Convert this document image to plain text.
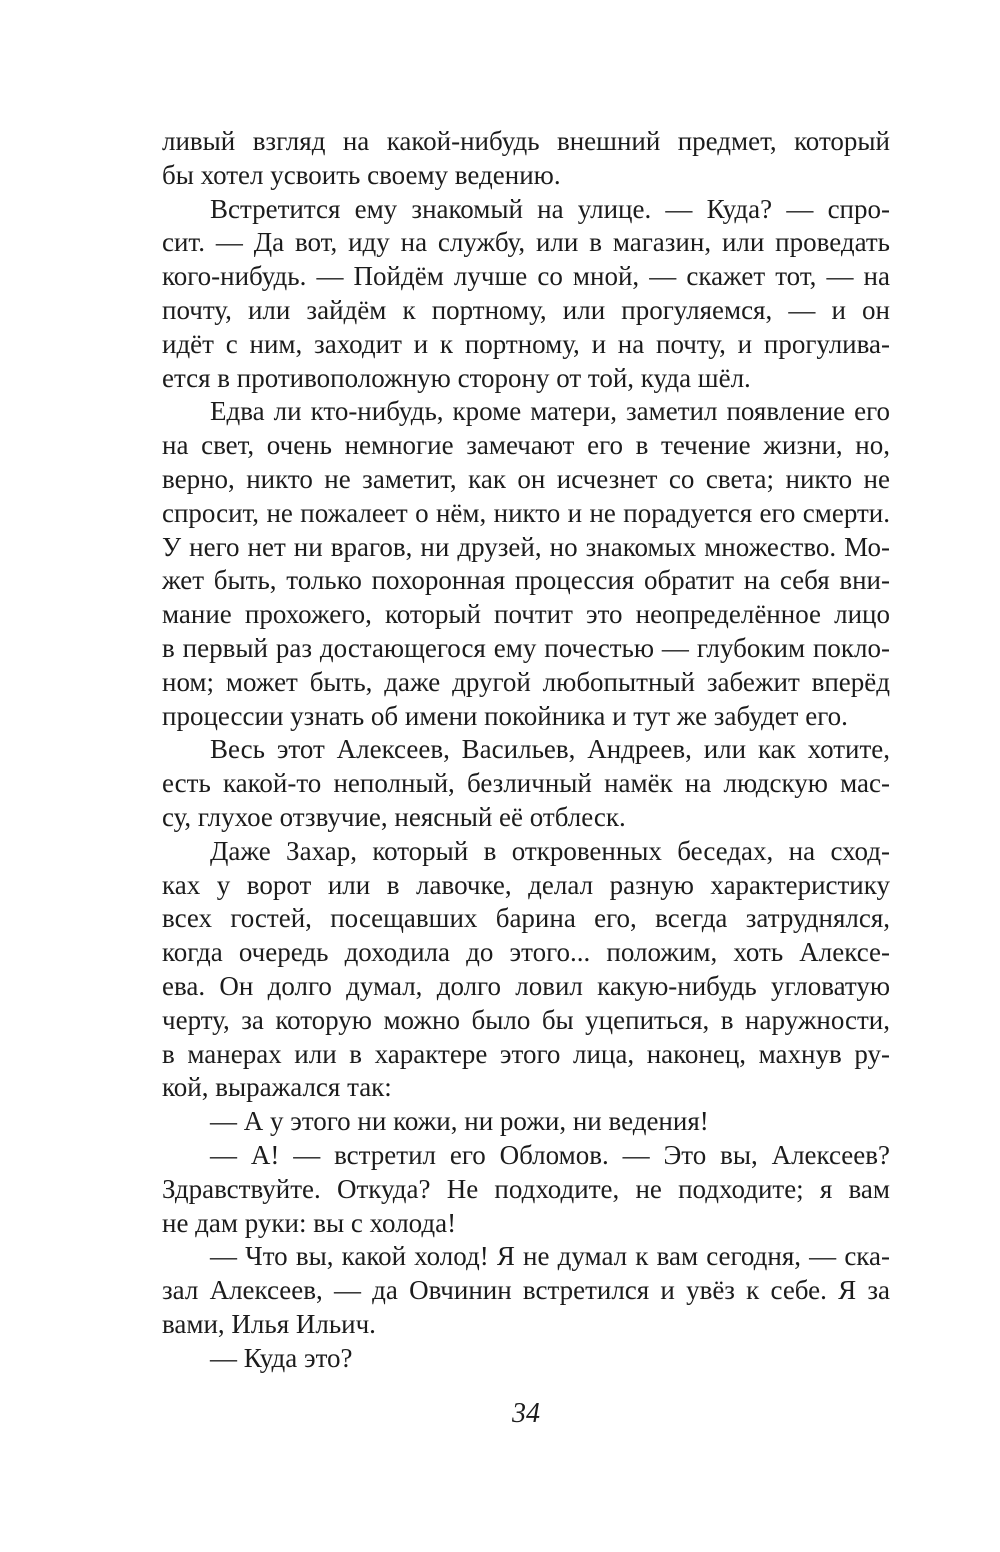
ливый взгляд на какой-нибудь внешний предмет, который
бы хотел усвоить своему ведению.
Встретится ему знакомый на улице. — Куда? — спро-
сит. — Да вот, иду на службу, или в магазин, или проведать
кого-нибудь. — Пойдём лучше со мной, — скажет тот, — на
почту, или зайдём к портному, или прогуляемся, — и он
идёт с ним, заходит и к портному, и на почту, и прогулива-
ется в противоположную сторону от той, куда шёл.
Едва ли кто-нибудь, кроме матери, заметил появление его
на свет, очень немногие замечают его в течение жизни, но,
верно, никто не заметит, как он исчезнет со света; никто не
спросит, не пожалеет о нём, никто и не порадуется его смерти.
У него нет ни врагов, ни друзей, но знакомых множество. Мо-
жет быть, только похоронная процессия обратит на себя вни-
мание прохожего, который почтит это неопределённое лицо
в первый раз достающегося ему почестью — глубоким покло-
ном; может быть, даже другой любопытный забежит вперёд
процессии узнать об имени покойника и тут же забудет его.
Весь этот Алексеев, Васильев, Андреев, или как хотите,
есть какой-то неполный, безличный намёк на людскую мас-
су, глухое отзвучие, неясный её отблеск.
Даже Захар, который в откровенных беседах, на сход-
ках у ворот или в лавочке, делал разную характеристику
всех гостей, посещавших барина его, всегда затруднялся,
когда очередь доходила до этого... положим, хоть Алексе-
ева. Он долго думал, долго ловил какую-нибудь угловатую
черту, за которую можно было бы уцепиться, в наружности,
в манерах или в характере этого лица, наконец, махнув ру-
кой, выражался так:
— А у этого ни кожи, ни рожи, ни ведения!
— А! — встретил его Обломов. — Это вы, Алексеев?
Здравствуйте. Откуда? Не подходите, не подходите; я вам
не дам руки: вы с холода!
— Что вы, какой холод! Я не думал к вам сегодня, — ска-
зал Алексеев, — да Овчинин встретился и увёз к себе. Я за
вами, Илья Ильич.
— Куда это?
34
